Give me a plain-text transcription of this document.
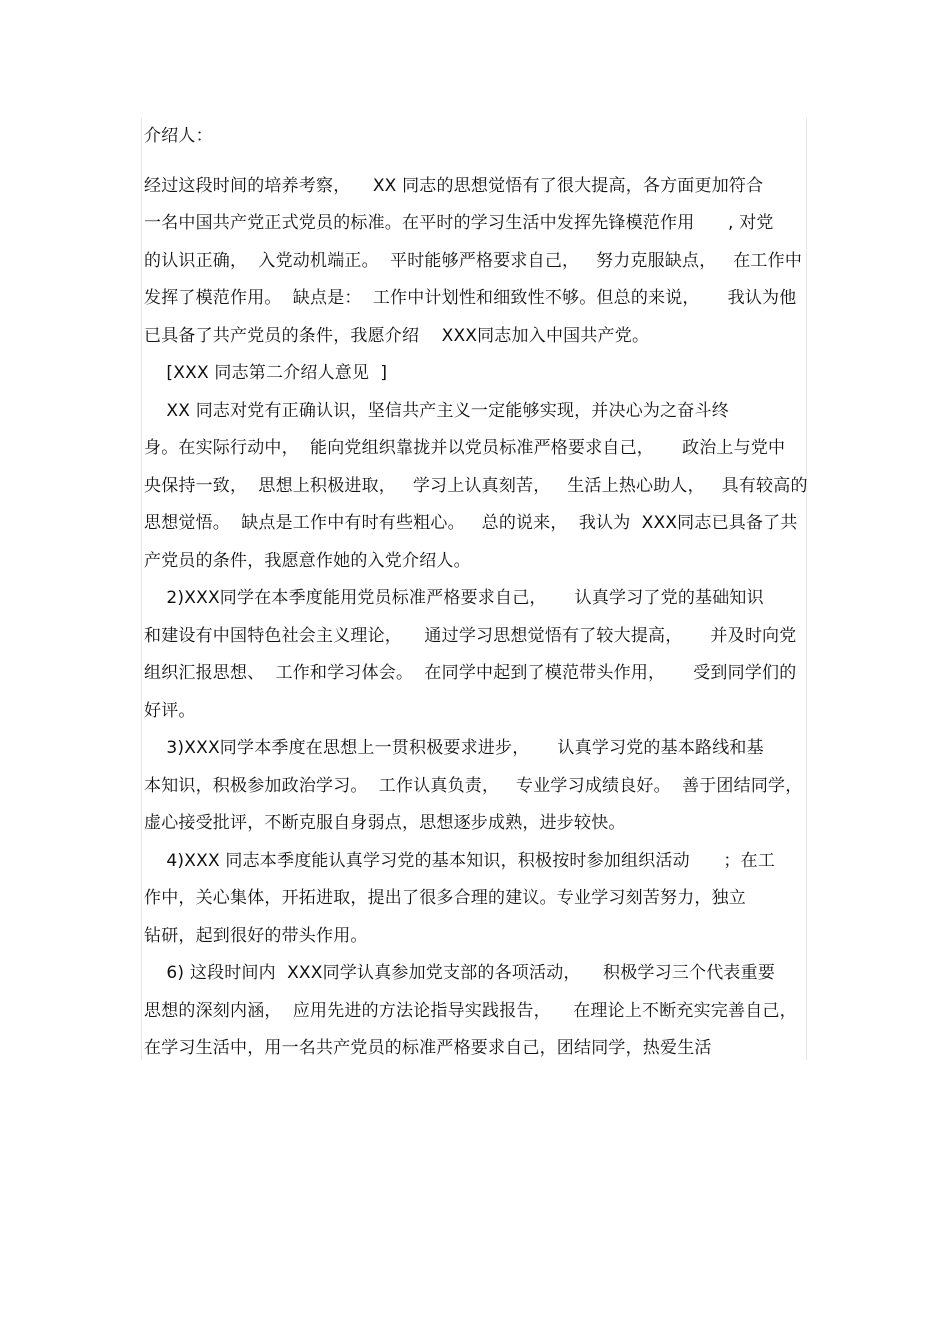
介绍人：
经过这段时间的培养考察，    XX 同志的思想觉悟有了很大提高，各方面更加符合
一名中国共产党正式党员的标准。在平时的学习生活中发挥先锋模范作用      , 对党
的认识正确，  入党动机端正。  平时能够严格要求自己，   努力克服缺点，   在工作中
发挥了模范作用。  缺点是：  工作中计划性和细致性不够。但总的来说，     我认为他
已具备了共产党员的条件，我愿介绍    XXX同志加入中国共产党。
[XXX 同志第二介绍人意见  ]
XX 同志对党有正确认识，坚信共产主义一定能够实现，并决心为之奋斗终
身。在实际行动中，  能向党组织靠拢并以党员标准严格要求自己，     政治上与党中
央保持一致，  思想上积极进取，   学习上认真刻苦，   生活上热心助人，   具有较高的
思想觉悟。  缺点是工作中有时有些粗心。   总的说来，  我认为  XXX同志已具备了共
产党员的条件，我愿意作她的入党介绍人。
2)XXX同学在本季度能用党员标准严格要求自己，     认真学习了党的基础知识
和建设有中国特色社会主义理论，    通过学习思想觉悟有了较大提高，     并及时向党
组织汇报思想、  工作和学习体会。  在同学中起到了模范带头作用，     受到同学们的
好评。
3)XXX同学本季度在思想上一贯积极要求进步，     认真学习党的基本路线和基
本知识，积极参加政治学习。  工作认真负责，   专业学习成绩良好。  善于团结同学，
虚心接受批评，不断克服自身弱点，思想逐步成熟，进步较快。
4)XXX 同志本季度能认真学习党的基本知识，积极按时参加组织活动      ；在工
作中，关心集体，开拓进取，提出了很多合理的建议。专业学习刻苦努力，独立
钻研，起到很好的带头作用。
6) 这段时间内  XXX同学认真参加党支部的各项活动，    积极学习三个代表重要
思想的深刻内涵，  应用先进的方法论指导实践报告，    在理论上不断充实完善自己，
在学习生活中，用一名共产党员的标准严格要求自己，团结同学，热爱生活
